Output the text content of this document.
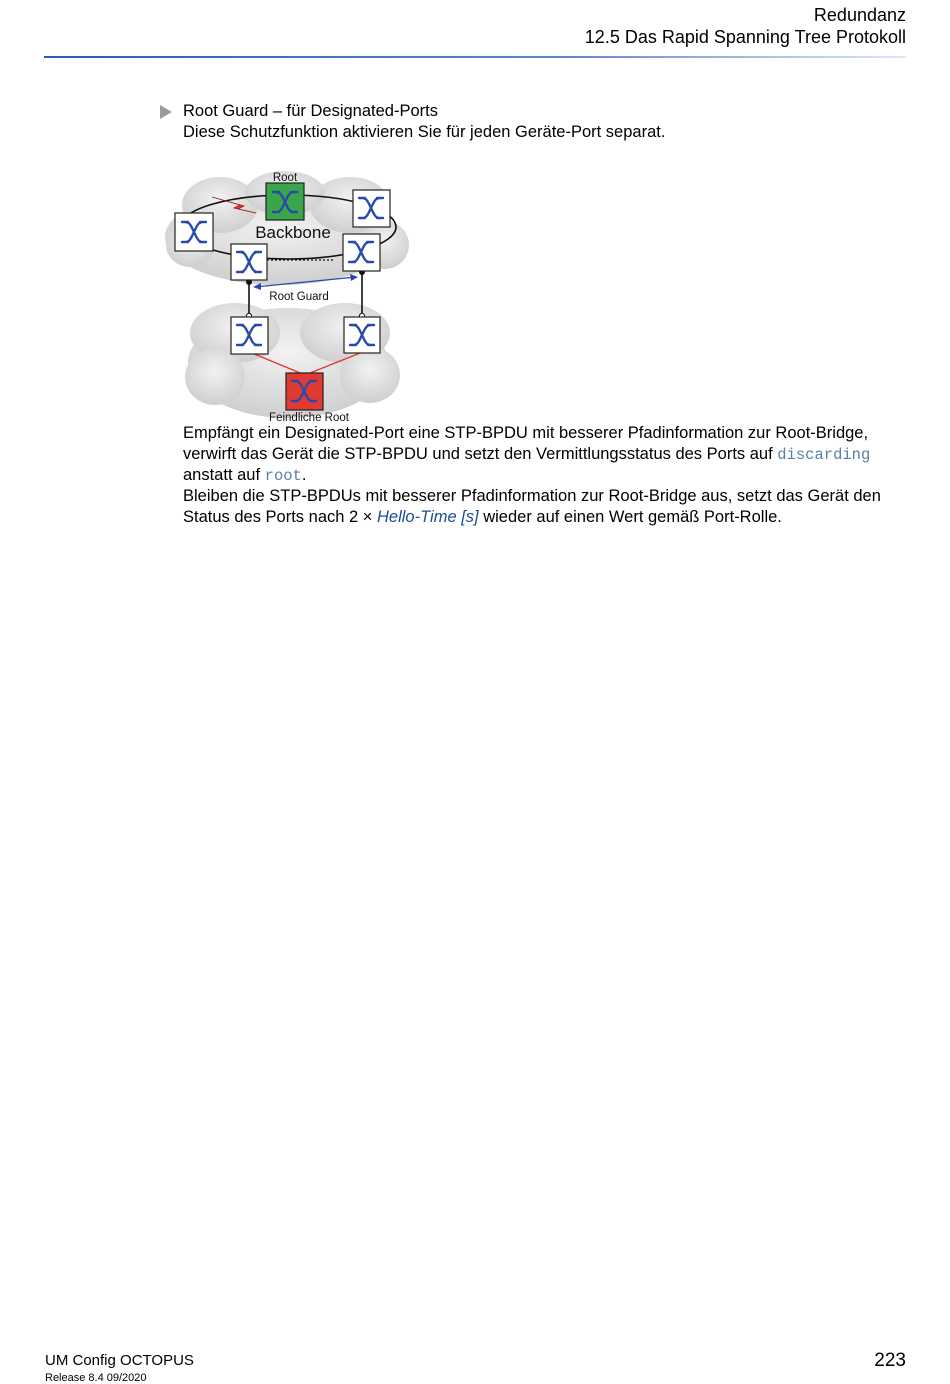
Redundanz
12.5 Das Rapid Spanning Tree Protokoll
Root Guard – für Designated-Ports
Diese Schutzfunktion aktivieren Sie für jeden Geräte-Port separat.
Root
Backbone
Root Guard
Feindliche Root
Empfängt ein Designated-Port eine STP-BPDU mit besserer Pfadinformation zur Root-Bridge,
verwirft das Gerät die STP-BPDU und setzt den Vermittlungsstatus des Ports auf discarding
anstatt auf root.
Bleiben die STP-BPDUs mit besserer Pfadinformation zur Root-Bridge aus, setzt das Gerät den
Status des Ports nach 2 × Hello-Time [s] wieder auf einen Wert gemäß Port-Rolle.
UM Config OCTOPUS
Release 8.4 09/2020
223
